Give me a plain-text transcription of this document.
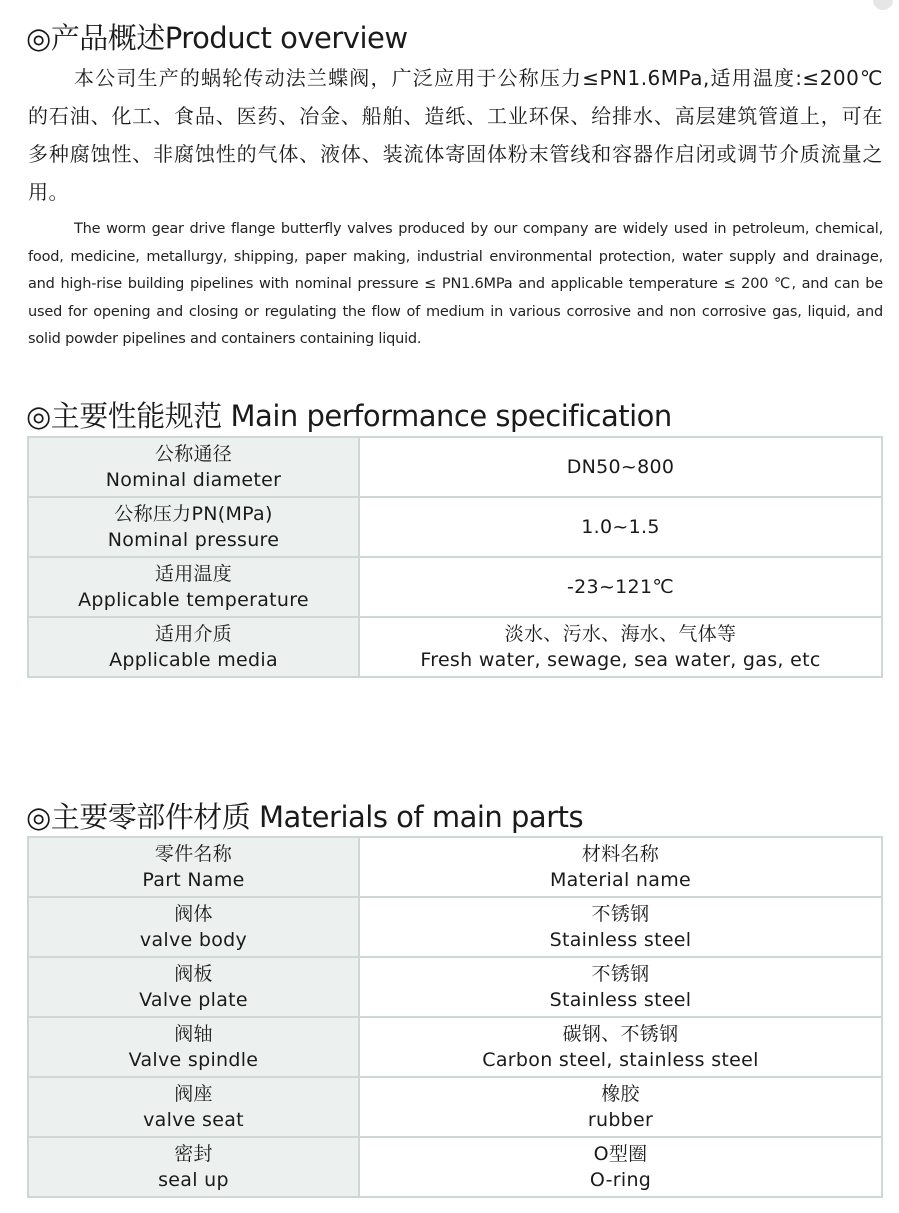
◎产品概述Product overview

本公司生产的蜗轮传动法兰蝶阀，广泛应用于公称压力≤PN1.6MPa,适用温度:≤200℃的石油、化工、食品、医药、冶金、船舶、造纸、工业环保、给排水、高层建筑管道上，可在多种腐蚀性、非腐蚀性的气体、液体、装流体寄固体粉末管线和容器作启闭或调节介质流量之用。

The worm gear drive flange butterfly valves produced by our company are widely used in petroleum, chemical, food, medicine, metallurgy, shipping, paper making, industrial environmental protection, water supply and drainage, and high-rise building pipelines with nominal pressure ≤ PN1.6MPa and applicable temperature ≤ 200 ℃, and can be used for opening and closing or regulating the flow of medium in various corrosive and non corrosive gas, liquid, and solid powder pipelines and containers containing liquid.

◎主要性能规范 Main performance specification
公称通径
Nominal diameter	DN50~800

公称压力PN(MPa)
Nominal pressure	1.0~1.5

适用温度
Applicable temperature	-23~121℃

适用介质
Applicable media	淡水、污水、海水、气体等
Fresh water, sewage, sea water, gas, etc
◎主要零部件材质 Materials of main parts
零件名称
Part Name	材料名称
Material name

阀体
valve body	不锈钢
Stainless steel

阀板
Valve plate	不锈钢
Stainless steel

阀轴
Valve spindle	碳钢、不锈钢
Carbon steel, stainless steel

阀座
valve seat	橡胶
rubber

密封
seal up	O型圈
O-ring
